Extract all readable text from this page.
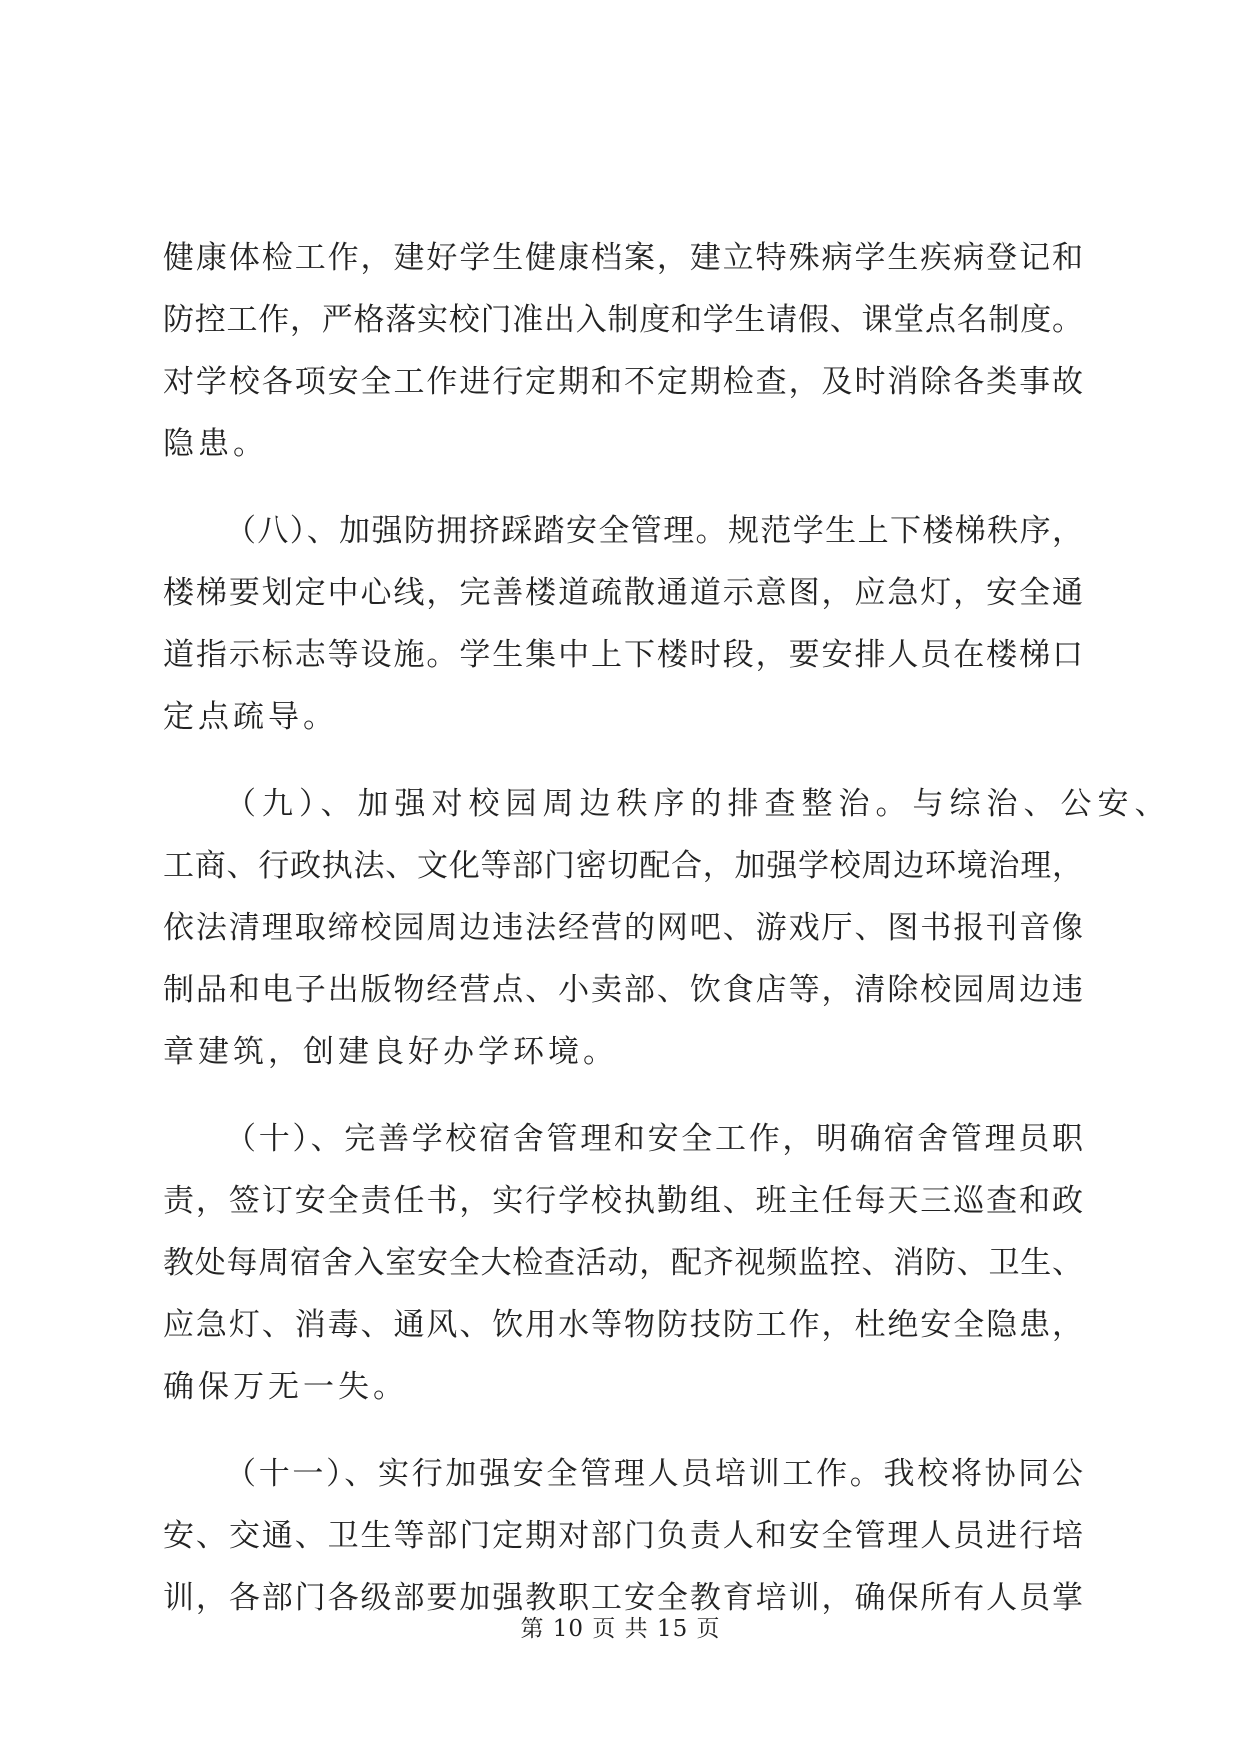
健康体检工作，建好学生健康档案，建立特殊病学生疾病登记和
防控工作，严格落实校门准出入制度和学生请假、课堂点名制度。
对学校各项安全工作进行定期和不定期检查，及时消除各类事故
隐患。
（八）、加强防拥挤踩踏安全管理。规范学生上下楼梯秩序，
楼梯要划定中心线，完善楼道疏散通道示意图，应急灯，安全通
道指示标志等设施。学生集中上下楼时段，要安排人员在楼梯口
定点疏导。
（九）、加强对校园周边秩序的排查整治。与综治、公安、
工商、行政执法、文化等部门密切配合，加强学校周边环境治理，
依法清理取缔校园周边违法经营的网吧、游戏厅、图书报刊音像
制品和电子出版物经营点、小卖部、饮食店等，清除校园周边违
章建筑，创建良好办学环境。
（十）、完善学校宿舍管理和安全工作，明确宿舍管理员职
责，签订安全责任书，实行学校执勤组、班主任每天三巡查和政
教处每周宿舍入室安全大检查活动，配齐视频监控、消防、卫生、
应急灯、消毒、通风、饮用水等物防技防工作，杜绝安全隐患，
确保万无一失。
（十一）、实行加强安全管理人员培训工作。我校将协同公
安、交通、卫生等部门定期对部门负责人和安全管理人员进行培
训，各部门各级部要加强教职工安全教育培训，确保所有人员掌
第 10 页 共 15 页
